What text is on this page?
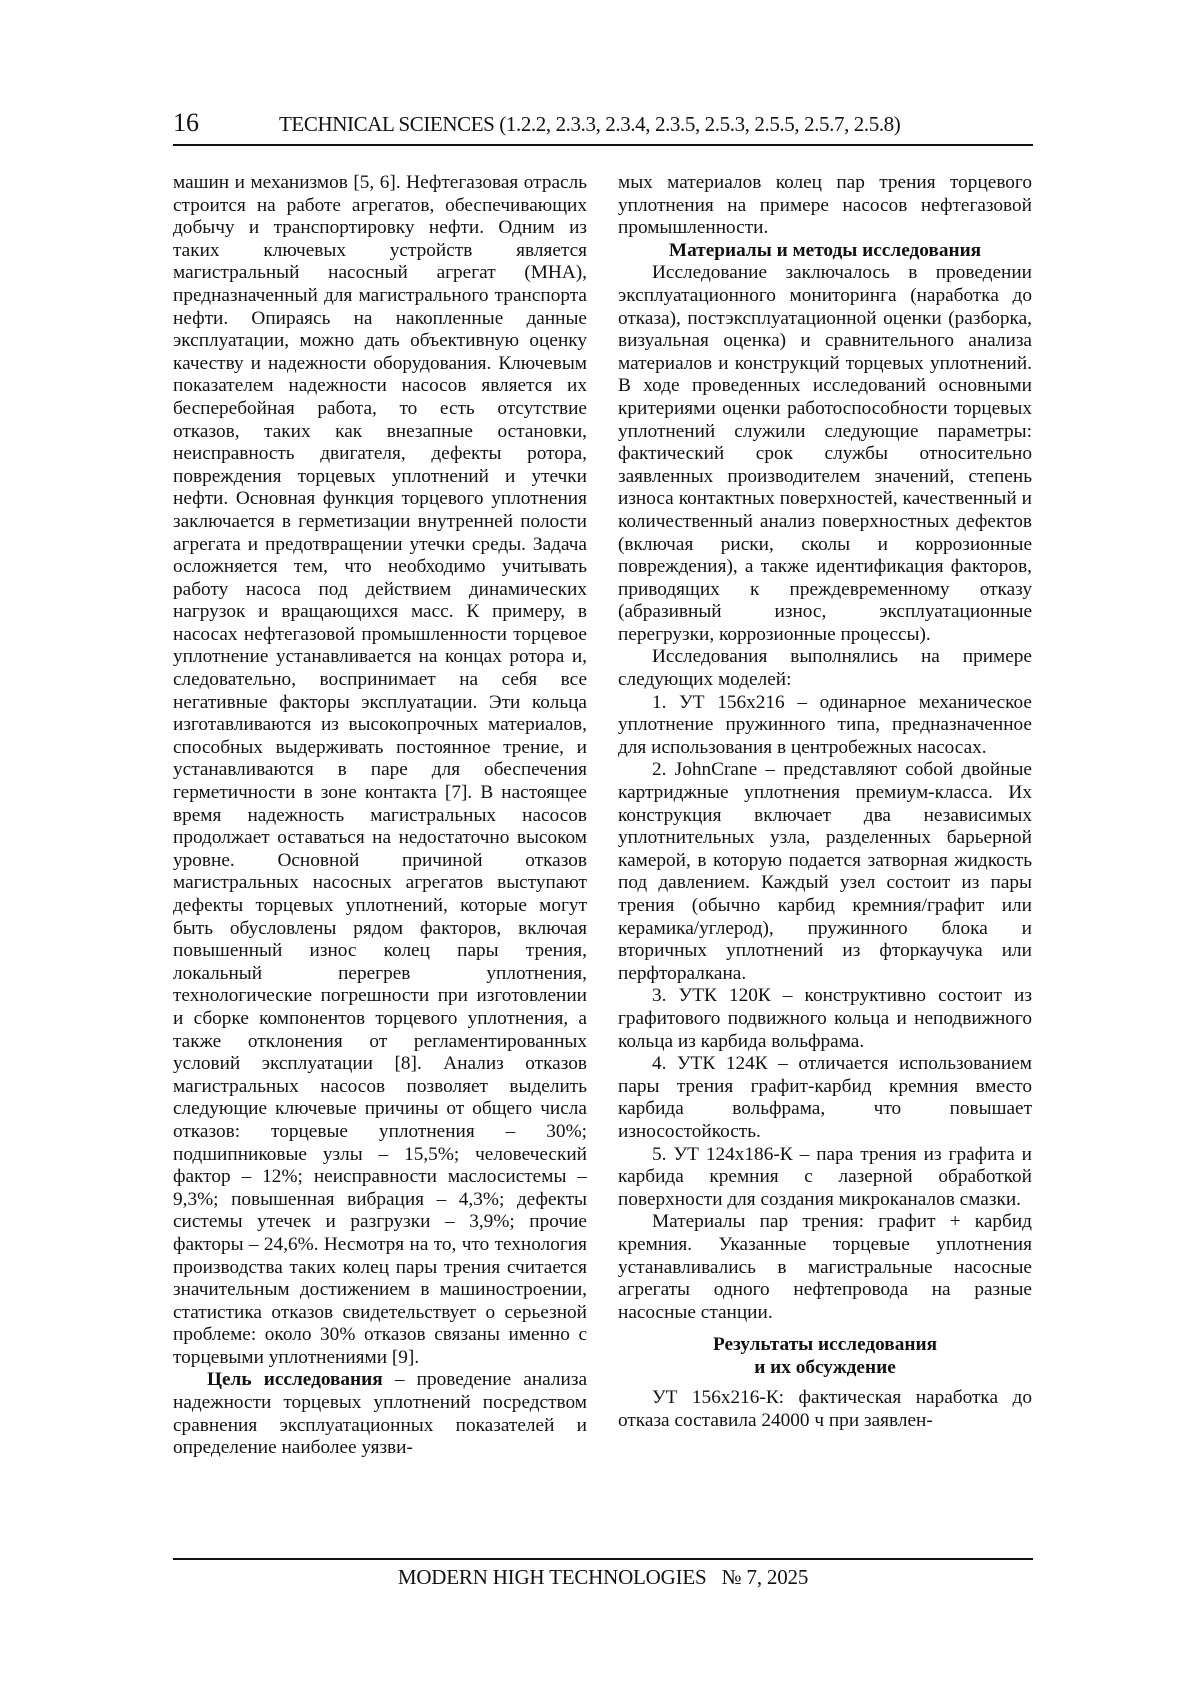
16	TECHNICAL SCIENCES (1.2.2, 2.3.3, 2.3.4, 2.3.5, 2.5.3, 2.5.5, 2.5.7, 2.5.8)

машин и механизмов [5, 6]. Нефтегазовая отрасль строится на работе агрегатов, обеспечивающих добычу и транспортировку нефти. Одним из таких ключевых устройств является магистральный насосный агрегат (МНА), предназначенный для магистрального транспорта нефти. Опираясь на накопленные данные эксплуатации, можно дать объективную оценку качеству и надежности оборудования. Ключевым показателем надежности насосов является их бесперебойная работа, то есть отсутствие отказов, таких как внезапные остановки, неисправность двигателя, дефекты ротора, повреждения торцевых уплотнений и утечки нефти. Основная функция торцевого уплотнения заключается в герметизации внутренней полости агрегата и предотвращении утечки среды. Задача осложняется тем, что необходимо учитывать работу насоса под действием динамических нагрузок и вращающихся масс. К примеру, в насосах нефтегазовой промышленности торцевое уплотнение устанавливается на концах ротора и, следовательно, воспринимает на себя все негативные факторы эксплуатации. Эти кольца изготавливаются из высокопрочных материалов, способных выдерживать постоянное трение, и устанавливаются в паре для обеспечения герметичности в зоне контакта [7]. В настоящее время надежность магистральных насосов продолжает оставаться на недостаточно высоком уровне. Основной причиной отказов магистральных насосных агрегатов выступают дефекты торцевых уплотнений, которые могут быть обусловлены рядом факторов, включая повышенный износ колец пары трения, локальный перегрев уплотнения, технологические погрешности при изготовлении и сборке компонентов торцевого уплотнения, а также отклонения от регламентированных условий эксплуатации [8]. Анализ отказов магистральных насосов позволяет выделить следующие ключевые причины от общего числа отказов: торцевые уплотнения – 30%; подшипниковые узлы – 15,5%; человеческий фактор – 12%; неисправности маслосистемы – 9,3%; повышенная вибрация – 4,3%; дефекты системы утечек и разгрузки – 3,9%; прочие факторы – 24,6%. Несмотря на то, что технология производства таких колец пары трения считается значительным достижением в машиностроении, статистика отказов свидетельствует о серьезной проблеме: около 30% отказов связаны именно с торцевыми уплотнениями [9].

Цель исследования – проведение анализа надежности торцевых уплотнений посредством сравнения эксплуатационных показателей и определение наиболее уязви-

мых материалов колец пар трения торцевого уплотнения на примере насосов нефтегазовой промышленности.

Материалы и методы исследования

Исследование заключалось в проведении эксплуатационного мониторинга (наработка до отказа), постэксплуатационной оценки (разборка, визуальная оценка) и сравнительного анализа материалов и конструкций торцевых уплотнений. В ходе проведенных исследований основными критериями оценки работоспособности торцевых уплотнений служили следующие параметры: фактический срок службы относительно заявленных производителем значений, степень износа контактных поверхностей, качественный и количественный анализ поверхностных дефектов (включая риски, сколы и коррозионные повреждения), а также идентификация факторов, приводящих к преждевременному отказу (абразивный износ, эксплуатационные перегрузки, коррозионные процессы).

Исследования выполнялись на примере следующих моделей:

1. УТ 156х216 – одинарное механическое уплотнение пружинного типа, предназначенное для использования в центробежных насосах.

2. JohnCrane – представляют собой двойные картриджные уплотнения премиум-класса. Их конструкция включает два независимых уплотнительных узла, разделенных барьерной камерой, в которую подается затворная жидкость под давлением. Каждый узел состоит из пары трения (обычно карбид кремния/графит или керамика/углерод), пружинного блока и вторичных уплотнений из фторкаучука или перфторалкана.

3. УТК 120К – конструктивно состоит из графитового подвижного кольца и неподвижного кольца из карбида вольфрама.

4. УТК 124К – отличается использованием пары трения графит-карбид кремния вместо карбида вольфрама, что повышает износостойкость.

5. УТ 124х186-К – пара трения из графита и карбида кремния с лазерной обработкой поверхности для создания микроканалов смазки.

Материалы пар трения: графит + карбид кремния. Указанные торцевые уплотнения устанавливались в магистральные насосные агрегаты одного нефтепровода на разные насосные станции.

Результаты исследования
и их обсуждение

УТ 156х216-К: фактическая наработка до отказа составила 24000 ч при заявлен-

MODERN HIGH TECHNOLOGIES   № 7, 2025
